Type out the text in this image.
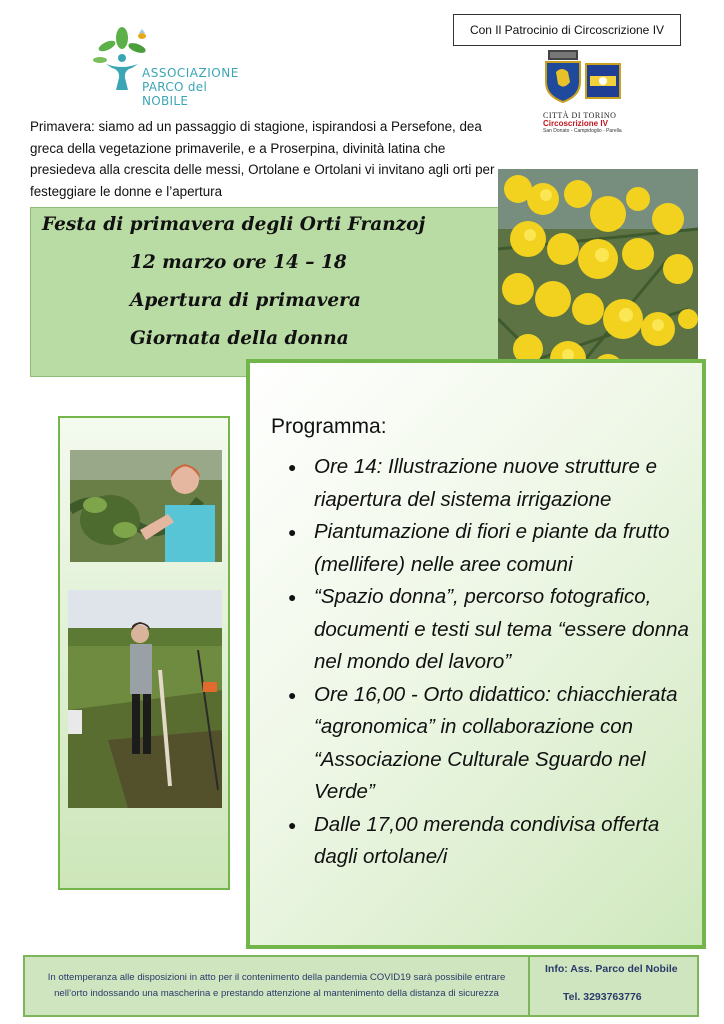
ASSOCIAZIONE
PARCO del NOBILE
Con Il Patrocinio di Circoscrizione IV
CITTÀ DI TORINO
Circoscrizione IV
San Donato - Campidoglio - Parella
Primavera: siamo ad un passaggio di stagione, ispirandosi a Persefone, dea greca della vegetazione primaverile, e a Proserpina, divinità latina che presiedeva alla crescita delle messi, Ortolane e Ortolani vi invitano agli orti per festeggiare le donne e l’apertura
Festa di primavera degli Orti Franzoj
12 marzo ore 14 – 18
Apertura di primavera
Giornata della donna
Programma:
● Ore 14: Illustrazione nuove strutture e riapertura del sistema irrigazione
● Piantumazione di fiori e piante da frutto (mellifere) nelle aree comuni
● “Spazio donna”, percorso fotografico, documenti e testi sul tema “essere donna nel mondo del lavoro”
● Ore 16,00 - Orto didattico: chiacchierata “agronomica” in collaborazione con “Associazione Culturale Sguardo nel Verde”
● Dalle 17,00 merenda condivisa offerta dagli ortolane/i
In ottemperanza alle disposizioni in atto per il contenimento della pandemia COVID19 sarà possibile entrare nell’orto indossando una mascherina e prestando attenzione al mantenimento della distanza di sicurezza
Info: Ass. Parco del Nobile
Tel. 3293763776
